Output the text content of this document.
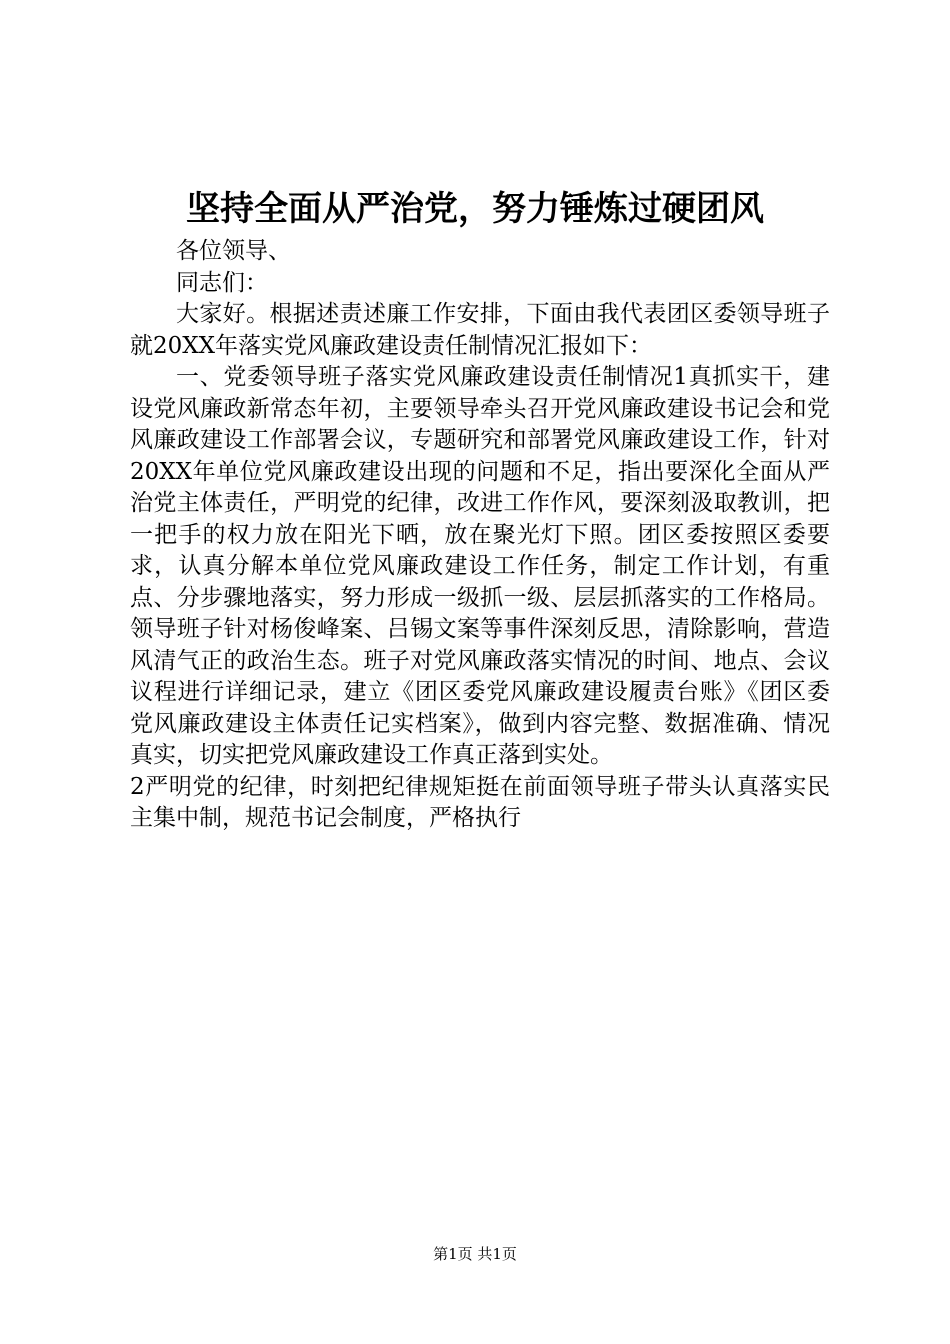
坚持全面从严治党，努力锤炼过硬团风

各位领导、

同志们：

大家好。根据述责述廉工作安排，下面由我代表团区委领导班子就20XX年落实党风廉政建设责任制情况汇报如下：

一、党委领导班子落实党风廉政建设责任制情况1真抓实干，建设党风廉政新常态年初，主要领导牵头召开党风廉政建设书记会和党风廉政建设工作部署会议，专题研究和部署党风廉政建设工作，针对20XX年单位党风廉政建设出现的问题和不足，指出要深化全面从严治党主体责任，严明党的纪律，改进工作作风，要深刻汲取教训，把一把手的权力放在阳光下晒，放在聚光灯下照。团区委按照区委要求，认真分解本单位党风廉政建设工作任务，制定工作计划，有重点、分步骤地落实，努力形成一级抓一级、层层抓落实的工作格局。领导班子针对杨俊峰案、吕锡文案等事件深刻反思，清除影响，营造风清气正的政治生态。班子对党风廉政落实情况的时间、地点、会议议程进行详细记录，建立《团区委党风廉政建设履责台账》《团区委党风廉政建设主体责任记实档案》，做到内容完整、数据准确、情况真实，切实把党风廉政建设工作真正落到实处。

2严明党的纪律，时刻把纪律规矩挺在前面领导班子带头认真落实民主集中制，规范书记会制度，严格执行

第1页 共1页
